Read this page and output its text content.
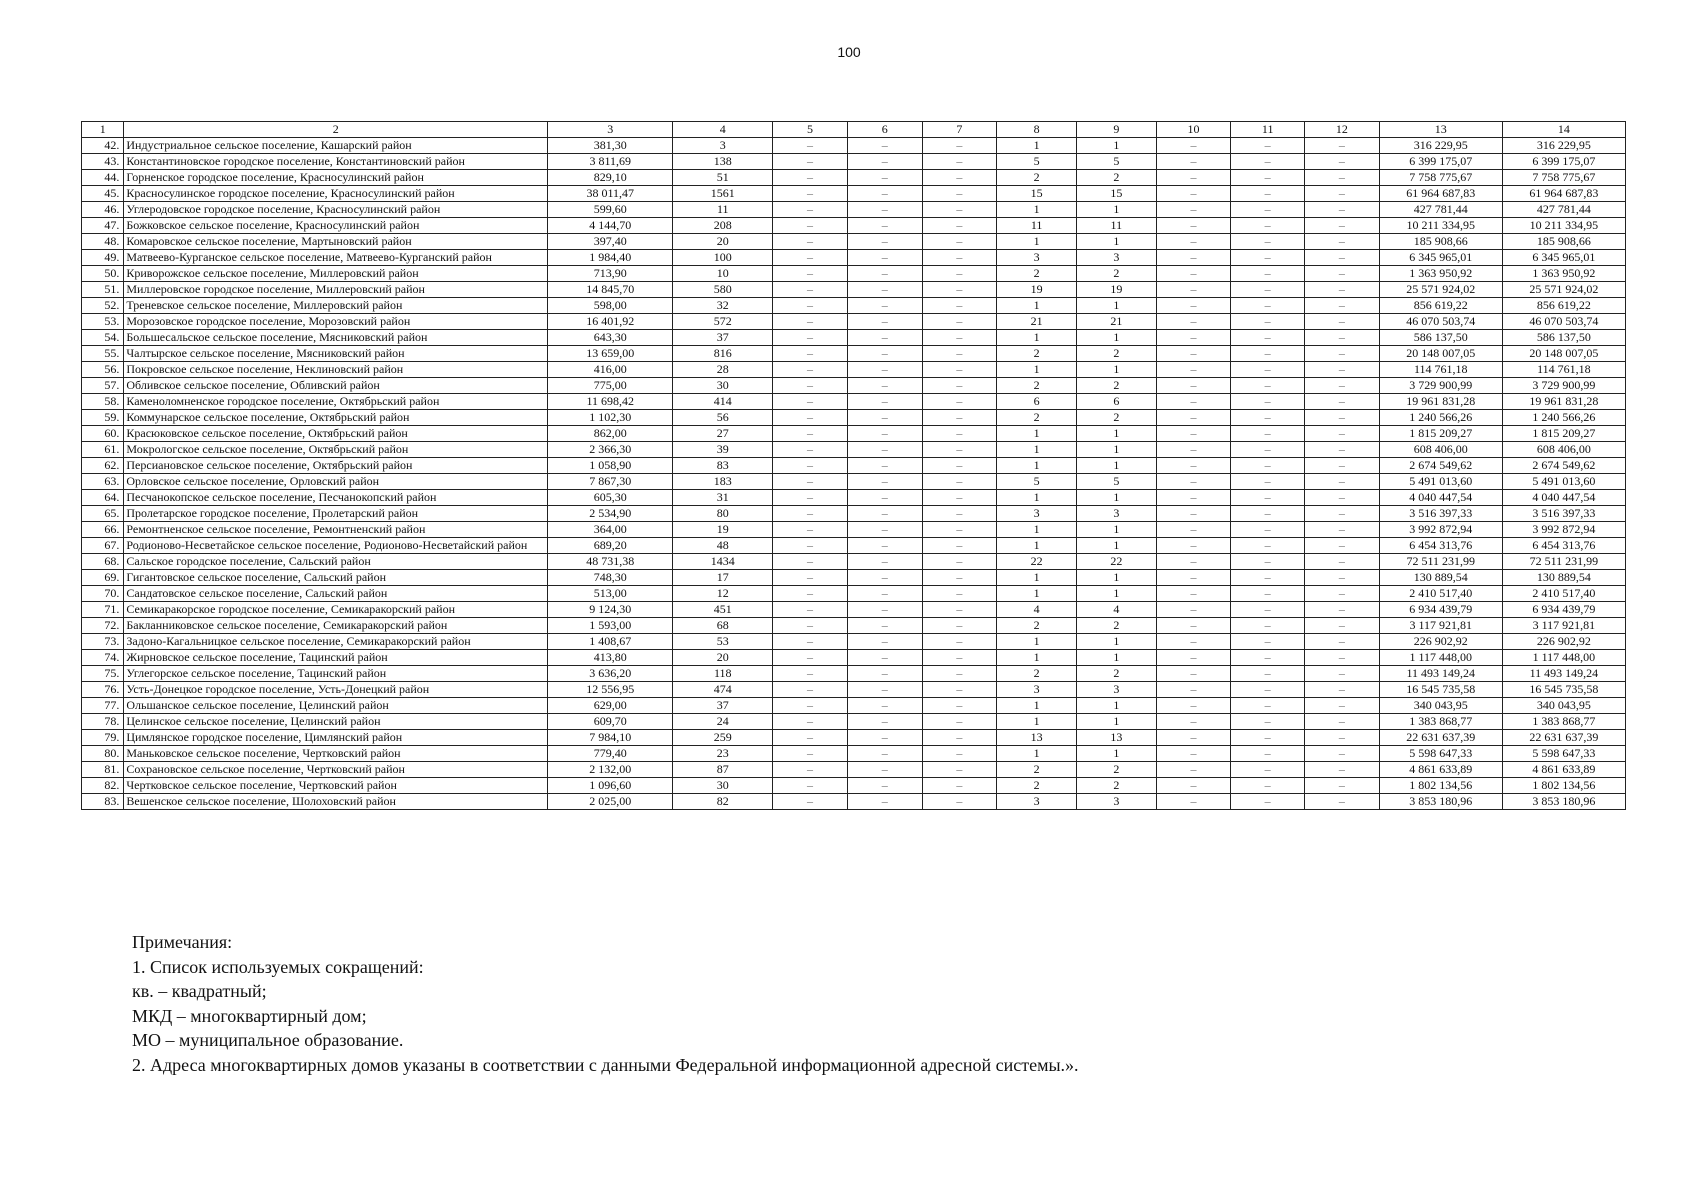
100
1	2	3	4	5	6	7	8	9	10	11	12	13	14
42.	Индустриальное сельское поселение, Кашарский район	381,30	3	–	–	–	1	1	–	–	–	316 229,95	316 229,95
43.	Константиновское городское поселение, Константиновский район	3 811,69	138	–	–	–	5	5	–	–	–	6 399 175,07	6 399 175,07
44.	Горненское городское поселение, Красносулинский район	829,10	51	–	–	–	2	2	–	–	–	7 758 775,67	7 758 775,67
45.	Красносулинское городское поселение, Красносулинский район	38 011,47	1561	–	–	–	15	15	–	–	–	61 964 687,83	61 964 687,83
46.	Углеродовское городское поселение, Красносулинский район	599,60	11	–	–	–	1	1	–	–	–	427 781,44	427 781,44
47.	Божковское сельское поселение, Красносулинский район	4 144,70	208	–	–	–	11	11	–	–	–	10 211 334,95	10 211 334,95
48.	Комаровское сельское поселение, Мартыновский район	397,40	20	–	–	–	1	1	–	–	–	185 908,66	185 908,66
49.	Матвеево-Курганское сельское поселение, Матвеево-Курганский район	1 984,40	100	–	–	–	3	3	–	–	–	6 345 965,01	6 345 965,01
50.	Криворожское сельское поселение, Миллеровский район	713,90	10	–	–	–	2	2	–	–	–	1 363 950,92	1 363 950,92
51.	Миллеровское городское поселение, Миллеровский район	14 845,70	580	–	–	–	19	19	–	–	–	25 571 924,02	25 571 924,02
52.	Треневское сельское поселение, Миллеровский район	598,00	32	–	–	–	1	1	–	–	–	856 619,22	856 619,22
53.	Морозовское городское поселение, Морозовский район	16 401,92	572	–	–	–	21	21	–	–	–	46 070 503,74	46 070 503,74
54.	Большесальское сельское поселение, Мясниковский район	643,30	37	–	–	–	1	1	–	–	–	586 137,50	586 137,50
55.	Чалтырское сельское поселение, Мясниковский район	13 659,00	816	–	–	–	2	2	–	–	–	20 148 007,05	20 148 007,05
56.	Покровское сельское поселение, Неклиновский район	416,00	28	–	–	–	1	1	–	–	–	114 761,18	114 761,18
57.	Обливское сельское поселение, Обливский район	775,00	30	–	–	–	2	2	–	–	–	3 729 900,99	3 729 900,99
58.	Каменоломненское городское поселение, Октябрьский район	11 698,42	414	–	–	–	6	6	–	–	–	19 961 831,28	19 961 831,28
59.	Коммунарское сельское поселение, Октябрьский район	1 102,30	56	–	–	–	2	2	–	–	–	1 240 566,26	1 240 566,26
60.	Красюковское сельское поселение, Октябрьский район	862,00	27	–	–	–	1	1	–	–	–	1 815 209,27	1 815 209,27
61.	Мокрологское сельское поселение, Октябрьский район	2 366,30	39	–	–	–	1	1	–	–	–	608 406,00	608 406,00
62.	Персиановское сельское поселение, Октябрьский район	1 058,90	83	–	–	–	1	1	–	–	–	2 674 549,62	2 674 549,62
63.	Орловское сельское поселение, Орловский район	7 867,30	183	–	–	–	5	5	–	–	–	5 491 013,60	5 491 013,60
64.	Песчанокопское сельское поселение, Песчанокопский район	605,30	31	–	–	–	1	1	–	–	–	4 040 447,54	4 040 447,54
65.	Пролетарское городское поселение, Пролетарский район	2 534,90	80	–	–	–	3	3	–	–	–	3 516 397,33	3 516 397,33
66.	Ремонтненское сельское поселение, Ремонтненский район	364,00	19	–	–	–	1	1	–	–	–	3 992 872,94	3 992 872,94
67.	Родионово-Несветайское сельское поселение, Родионово-Несветайский район	689,20	48	–	–	–	1	1	–	–	–	6 454 313,76	6 454 313,76
68.	Сальское городское поселение, Сальский район	48 731,38	1434	–	–	–	22	22	–	–	–	72 511 231,99	72 511 231,99
69.	Гигантовское сельское поселение, Сальский район	748,30	17	–	–	–	1	1	–	–	–	130 889,54	130 889,54
70.	Сандатовское сельское поселение, Сальский район	513,00	12	–	–	–	1	1	–	–	–	2 410 517,40	2 410 517,40
71.	Семикаракорское городское поселение, Семикаракорский район	9 124,30	451	–	–	–	4	4	–	–	–	6 934 439,79	6 934 439,79
72.	Бакланниковское сельское поселение, Семикаракорский район	1 593,00	68	–	–	–	2	2	–	–	–	3 117 921,81	3 117 921,81
73.	Задоно-Кагальницкое сельское поселение, Семикаракорский район	1 408,67	53	–	–	–	1	1	–	–	–	226 902,92	226 902,92
74.	Жирновское сельское поселение, Тацинский район	413,80	20	–	–	–	1	1	–	–	–	1 117 448,00	1 117 448,00
75.	Углегорское сельское поселение, Тацинский район	3 636,20	118	–	–	–	2	2	–	–	–	11 493 149,24	11 493 149,24
76.	Усть-Донецкое городское поселение, Усть-Донецкий район	12 556,95	474	–	–	–	3	3	–	–	–	16 545 735,58	16 545 735,58
77.	Ольшанское сельское поселение, Целинский район	629,00	37	–	–	–	1	1	–	–	–	340 043,95	340 043,95
78.	Целинское сельское поселение, Целинский район	609,70	24	–	–	–	1	1	–	–	–	1 383 868,77	1 383 868,77
79.	Цимлянское городское поселение, Цимлянский район	7 984,10	259	–	–	–	13	13	–	–	–	22 631 637,39	22 631 637,39
80.	Маньковское сельское поселение, Чертковский район	779,40	23	–	–	–	1	1	–	–	–	5 598 647,33	5 598 647,33
81.	Сохрановское сельское поселение, Чертковский район	2 132,00	87	–	–	–	2	2	–	–	–	4 861 633,89	4 861 633,89
82.	Чертковское сельское поселение, Чертковский район	1 096,60	30	–	–	–	2	2	–	–	–	1 802 134,56	1 802 134,56
83.	Вешенское сельское поселение, Шолоховский район	2 025,00	82	–	–	–	3	3	–	–	–	3 853 180,96	3 853 180,96
Примечания:
1. Список используемых сокращений:
кв. – квадратный;
МКД – многоквартирный дом;
МО – муниципальное образование.
2. Адреса многоквартирных домов указаны в соответствии с данными Федеральной информационной адресной системы.».
